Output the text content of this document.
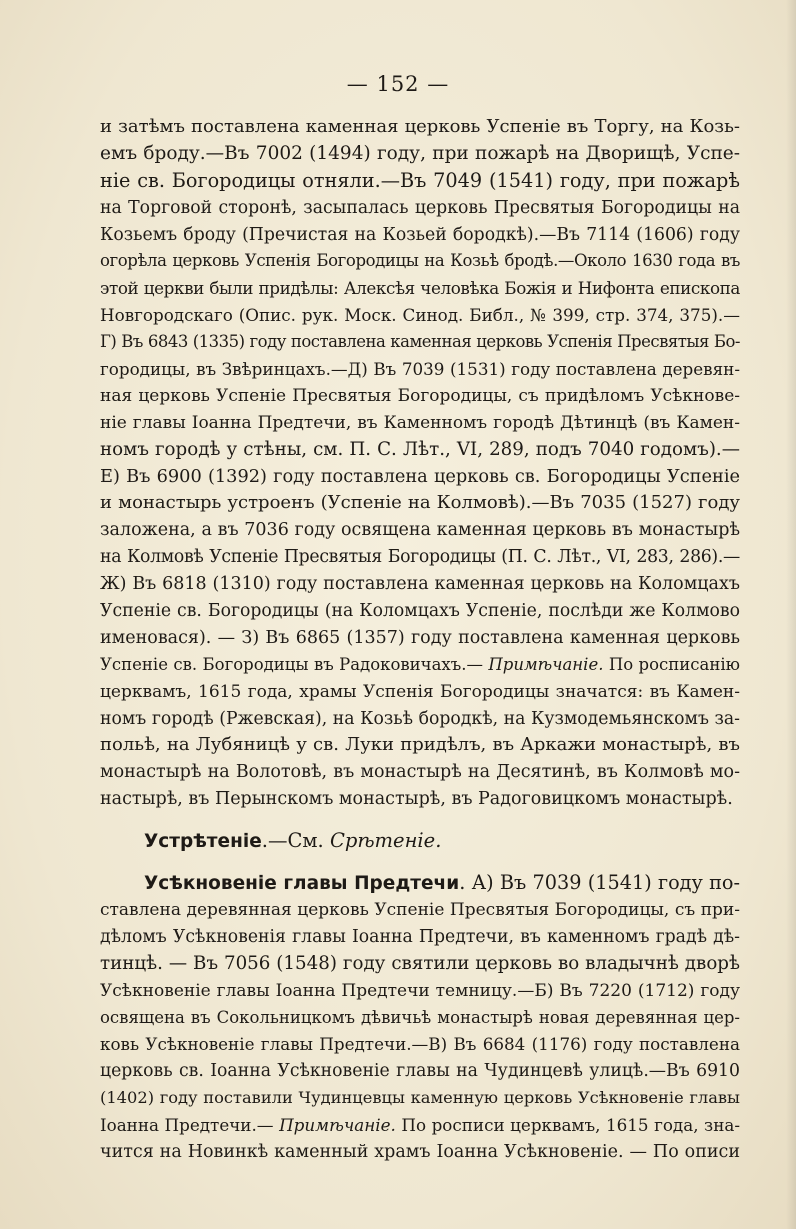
— 152 —
и затѣмъ поставлена каменная церковь Успеніе въ Торгу, на Козь-
емъ броду.—Въ 7002 (1494) году, при пожарѣ на Дворищѣ, Успе-
ніе св. Богородицы отняли.—Въ 7049 (1541) году, при пожарѣ
на Торговой сторонѣ, засыпалась церковь Пресвятыя Богородицы на
Козьемъ броду (Пречистая на Козьей бородкѣ).—Въ 7114 (1606) году
огорѣла церковь Успенія Богородицы на Козьѣ бродѣ.—Около 1630 года въ
этой церкви были придѣлы: Алексѣя человѣка Божія и Нифонта епископа
Новгородскаго (Опис. рук. Моск. Синод. Библ., № 399, стр. 374, 375).—
Г) Въ 6843 (1335) году поставлена каменная церковь Успенія Пресвятыя Бо-
городицы, въ Звѣринцахъ.—Д) Въ 7039 (1531) году поставлена деревян-
ная церковь Успеніе Пресвятыя Богородицы, съ придѣломъ Усѣкнове-
ніе главы Іоанна Предтечи, въ Каменномъ городѣ Дѣтинцѣ (въ Камен-
номъ городѣ у стѣны, см. П. С. Лѣт., VI, 289, подъ 7040 годомъ).—
Е) Въ 6900 (1392) году поставлена церковь св. Богородицы Успеніе
и монастырь устроенъ (Успеніе на Колмовѣ).—Въ 7035 (1527) году
заложена, а въ 7036 году освящена каменная церковь въ монастырѣ
на Колмовѣ Успеніе Пресвятыя Богородицы (П. С. Лѣт., VI, 283, 286).—
Ж) Въ 6818 (1310) году поставлена каменная церковь на Коломцахъ
Успеніе св. Богородицы (на Коломцахъ Успеніе, послѣди же Колмово
именовася). — З) Въ 6865 (1357) году поставлена каменная церковь
Успеніе св. Богородицы въ Радоковичахъ.— Примѣчаніе. По росписанію
церквамъ, 1615 года, храмы Успенія Богородицы значатся: въ Камен-
номъ городѣ (Ржевская), на Козьѣ бородкѣ, на Кузмодемьянскомъ за-
польѣ, на Лубяницѣ у св. Луки придѣлъ, въ Аркажи монастырѣ, въ
монастырѣ на Волотовѣ, въ монастырѣ на Десятинѣ, въ Колмовѣ мо-
настырѣ, въ Перынскомъ монастырѣ, въ Радоговицкомъ монастырѣ.
Устрѣтеніе.—См. Срѣтеніе.
Усѣкновеніе главы Предтечи. А) Въ 7039 (1541) году по-
ставлена деревянная церковь Успеніе Пресвятыя Богородицы, съ при-
дѣломъ Усѣкновенія главы Іоанна Предтечи, въ каменномъ градѣ дѣ-
тинцѣ. — Въ 7056 (1548) году святили церковь во владычнѣ дворѣ
Усѣкновеніе главы Іоанна Предтечи темницу.—Б) Въ 7220 (1712) году
освящена въ Сокольницкомъ дѣвичьѣ монастырѣ новая деревянная цер-
ковь Усѣкновеніе главы Предтечи.—В) Въ 6684 (1176) году поставлена
церковь св. Іоанна Усѣкновеніе главы на Чудинцевѣ улицѣ.—Въ 6910
(1402) году поставили Чудинцевцы каменную церковь Усѣкновеніе главы
Іоанна Предтечи.— Примѣчаніе. По росписи церквамъ, 1615 года, зна-
чится на Новинкѣ каменный храмъ Іоанна Усѣкновеніе. — По описи
